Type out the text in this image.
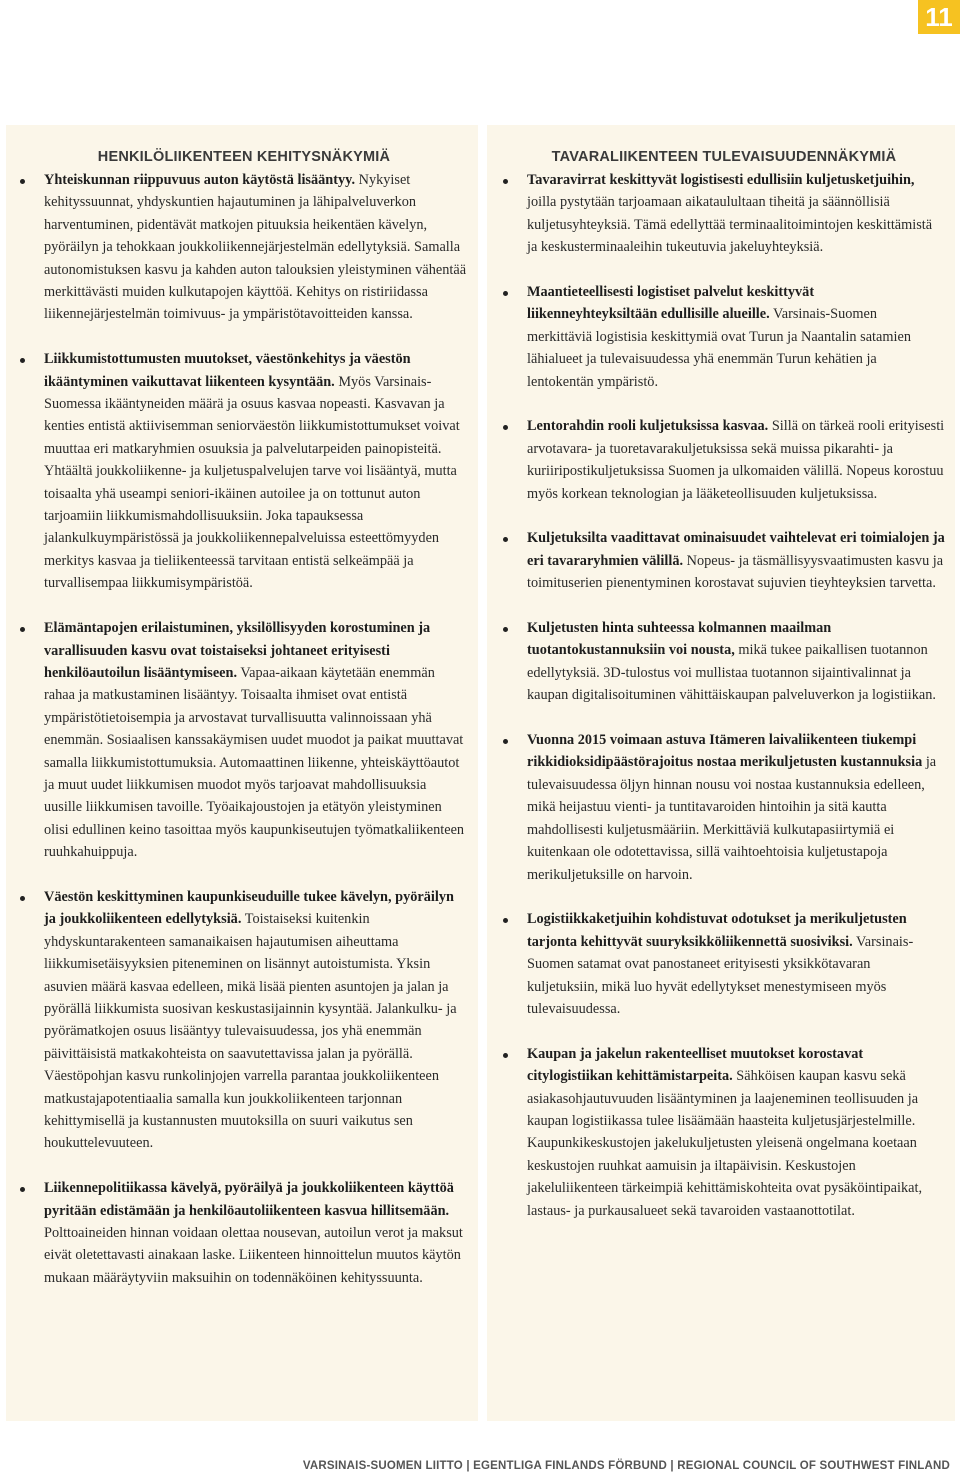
11
HENKILÖLIIKENTEEN KEHITYSNÄKYMIÄ
Yhteiskunnan riippuvuus auton käytöstä lisääntyy. Nykyiset kehityssuunnat, yhdyskuntien hajautuminen ja lähipalveluverkon harventuminen, pidentävät matkojen pituuksia heikentäen kävelyn, pyöräilyn ja tehokkaan joukkoliikennejärjestelmän edellytyksiä. Samalla autonomistuksen kasvu ja kahden auton talouksien yleistyminen vähentää merkittävästi muiden kulkutapojen käyttöä. Kehitys on ristiriidassa liikennejärjestelmän toimivuus- ja ympäristötavoitteiden kanssa.
Liikkumistottumusten muutokset, väestönkehitys ja väestön ikääntyminen vaikuttavat liikenteen kysyntään. Myös Varsinais-Suomessa ikääntyneiden määrä ja osuus kasvaa nopeasti. Kasvavan ja kenties entistä aktiivisemman seniorväestön liikkumistottumukset voivat muuttaa eri matkaryhmien osuuksia ja palvelutarpeiden painopisteitä. Yhtäältä joukkoliikenne- ja kuljetuspalvelujen tarve voi lisääntyä, mutta toisaalta yhä useampi seniori-ikäinen autoilee ja on tottunut auton tarjoamiin liikkumismahdollisuuksiin. Joka tapauksessa jalankulkuympäristössä ja joukkoliikennepalveluissa esteettömyyden merkitys kasvaa ja tieliikenteessä tarvitaan entistä selkeämpää ja turvallisempaa liikkumisympäristöä.
Elämäntapojen erilaistuminen, yksilöllisyyden korostuminen ja varallisuuden kasvu ovat toistaiseksi johtaneet erityisesti henkilöautoilun lisääntymiseen. Vapaa-aikaan käytetään enemmän rahaa ja matkustaminen lisääntyy. Toisaalta ihmiset ovat entistä ympäristötietoisempia ja arvostavat turvallisuutta valinnoissaan yhä enemmän. Sosiaalisen kanssakäymisen uudet muodot ja paikat muuttavat samalla liikkumistottumuksia. Automaattinen liikenne, yhteiskäyttöautot ja muut uudet liikkumisen muodot myös tarjoavat mahdollisuuksia uusille liikkumisen tavoille. Työaikajoustojen ja etätyön yleistyminen olisi edullinen keino tasoittaa myös kaupunkiseutujen työmatkaliikenteen ruuhkahuippuja.
Väestön keskittyminen kaupunkiseuduille tukee kävelyn, pyöräilyn ja joukkoliikenteen edellytyksiä. Toistaiseksi kuitenkin yhdyskuntarakenteen samanaikaisen hajautumisen aiheuttama liikkumisetäisyyksien piteneminen on lisännyt autoistumista. Yksin asuvien määrä kasvaa edelleen, mikä lisää pienten asuntojen ja jalan ja pyörällä liikkumista suosivan keskustasijainnin kysyntää. Jalankulku- ja pyörämatkojen osuus lisääntyy tulevaisuudessa, jos yhä enemmän päivittäisistä matkakohteista on saavutettavissa jalan ja pyörällä. Väestöpohjan kasvu runkolinjojen varrella parantaa joukkoliikenteen matkustajapotentiaalia samalla kun joukkoliikenteen tarjonnan kehittymisellä ja kustannusten muutoksilla on suuri vaikutus sen houkuttelevuuteen.
Liikennepolitiikassa kävelyä, pyöräilyä ja joukkoliikenteen käyttöä pyritään edistämään ja henkilöautoliikenteen kasvua hillitsemään. Polttoaineiden hinnan voidaan olettaa nousevan, autoilun verot ja maksut eivät oletettavasti ainakaan laske. Liikenteen hinnoittelun muutos käytön mukaan määräytyviin maksuihin on todennäköinen kehityssuunta.
TAVARALIIKENTEEN TULEVAISUUDENNÄKYMIÄ
Tavaravirrat keskittyvät logistisesti edullisiin kuljetusketjuihin, joilla pystytään tarjoamaan aikataulultaan tiheitä ja säännöllisiä kuljetusyhteyksiä. Tämä edellyttää terminaalitoimintojen keskittämistä ja keskusterminaaleihin tukeutuvia jakeluyhteyksiä.
Maantieteellisesti logistiset palvelut keskittyvät liikenneyhteyksiltään edullisille alueille. Varsinais-Suomen merkittäviä logistisia keskittymiä ovat Turun ja Naantalin satamien lähialueet ja tulevaisuudessa yhä enemmän Turun kehätien ja lentokentän ympäristö.
Lentorahdin rooli kuljetuksissa kasvaa. Sillä on tärkeä rooli erityisesti arvotavara- ja tuoretavarakuljetuksissa sekä muissa pikarahti- ja kuriiripostikuljetuksissa Suomen ja ulkomaiden välillä. Nopeus korostuu myös korkean teknologian ja lääketeollisuuden kuljetuksissa.
Kuljetuksilta vaadittavat ominaisuudet vaihtelevat eri toimialojen ja eri tavararyhmien välillä. Nopeus- ja täsmällisyysvaatimusten kasvu ja toimituserien pienentyminen korostavat sujuvien tieyhteyksien tarvetta.
Kuljetusten hinta suhteessa kolmannen maailman tuotantokustannuksiin voi nousta, mikä tukee paikallisen tuotannon edellytyksiä. 3D-tulostus voi mullistaa tuotannon sijaintivalinnat ja kaupan digitalisoituminen vähittäiskaupan palveluverkon ja logistiikan.
Vuonna 2015 voimaan astuva Itämeren laivaliikenteen tiukempi rikkidioksidipäästörajoitus nostaa merikuljetusten kustannuksia ja tulevaisuudessa öljyn hinnan nousu voi nostaa kustannuksia edelleen, mikä heijastuu vienti- ja tuntitavaroiden hintoihin ja sitä kautta mahdollisesti kuljetusmääriin. Merkittäviä kulkutapasiirtymiä ei kuitenkaan ole odotettavissa, sillä vaihtoehtoisia kuljetustapoja merikuljetuksille on harvoin.
Logistiikkaketjuihin kohdistuvat odotukset ja merikuljetusten tarjonta kehittyvät suuryksikköliikennettä suosiviksi. Varsinais-Suomen satamat ovat panostaneet erityisesti yksikkötavaran kuljetuksiin, mikä luo hyvät edellytykset menestymiseen myös tulevaisuudessa.
Kaupan ja jakelun rakenteelliset muutokset korostavat citylogistiikan kehittämistarpeita. Sähköisen kaupan kasvu sekä asiakasohjautuvuuden lisääntyminen ja laajeneminen teollisuuden ja kaupan logistiikassa tulee lisäämään haasteita kuljetusjärjestelmille. Kaupunkikeskustojen jakelukuljetusten yleisenä ongelmana koetaan keskustojen ruuhkat aamuisin ja iltapäivisin. Keskustojen jakeluliikenteen tärkeimpiä kehittämiskohteita ovat pysäköintipaikat, lastaus- ja purkausalueet sekä tavaroiden vastaanottotilat.
VARSINAIS-SUOMEN LIITTO | EGENTLIGA FINLANDS FÖRBUND | REGIONAL COUNCIL OF SOUTHWEST FINLAND
